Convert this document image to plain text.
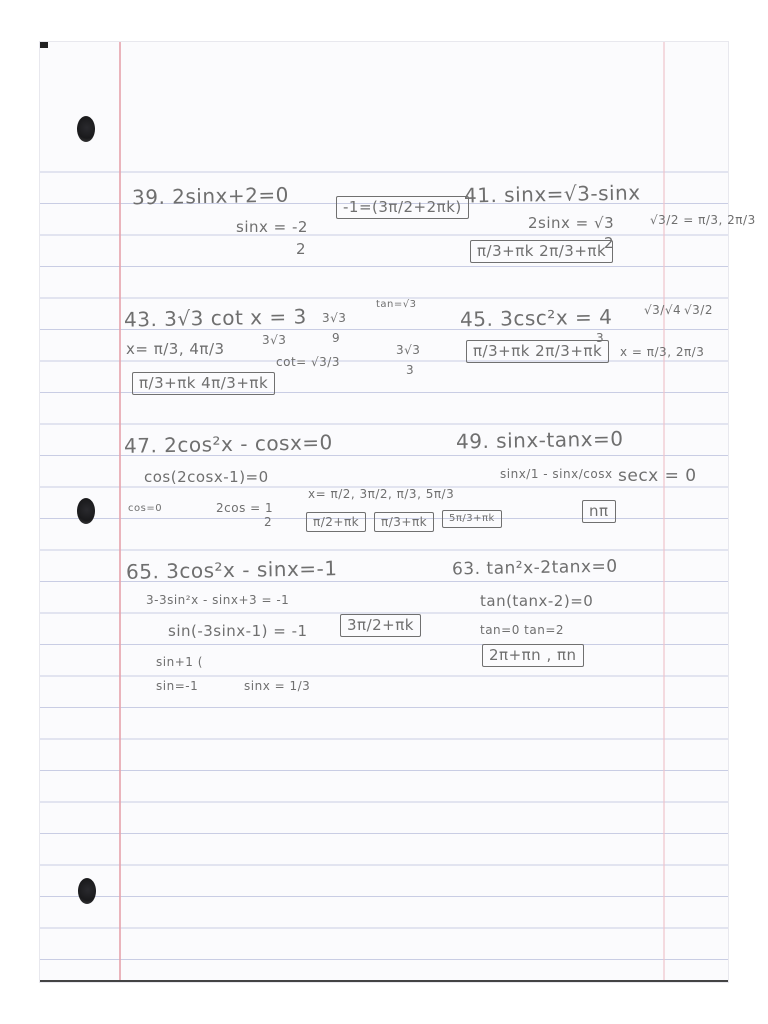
39. 2sinx+2=0
sinx = -2
2
-1=(3π/2+2πk) 41. sinx=√3-sinx
2sinx = √3
2
√3/2 = π/3, 2π/3
π/3+πk 2π/3+πk
43. 3√3 cot x = 3
3√3
3√3
9
tan=√3
x= π/3, 4π/3
cot= √3/3
3√3
3
π/3+πk 4π/3+πk
45. 3csc²x = 4
3
√3/√4 √3/2
x = π/3, 2π/3
π/3+πk 2π/3+πk
47. 2cos²x - cosx=0
cos(2cosx-1)=0
cos=0	2cos = 1
2
x= π/2, 3π/2, π/3, 5π/3
π/2+πk	π/3+πk	5π/3+πk
49. sinx-tanx=0
sinx/1 - sinx/cosx secx = 0
nπ
65. 3cos²x - sinx=-1
3-3sin²x - sinx+3 = -1
sin(-3sinx-1) = -1
sin+1 (
sin=-1	sinx = 1/3
3π/2+πk
63. tan²x-2tanx=0
tan(tanx-2)=0
tan=0 tan=2
2π+πn , πn
